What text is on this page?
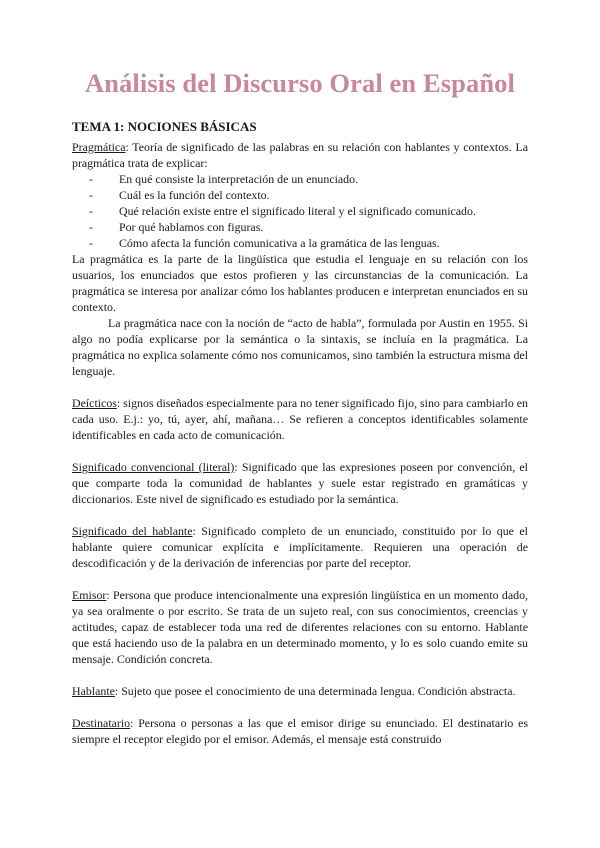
Análisis del Discurso Oral en Español
TEMA 1: NOCIONES BÁSICAS

Pragmática: Teoría de significado de las palabras en su relación con hablantes y contextos. La pragmática trata de explicar:

- En qué consiste la interpretación de un enunciado.
- Cuál es la función del contexto.
- Qué relación existe entre el significado literal y el significado comunicado.
- Por qué hablamos con figuras.
- Cómo afecta la función comunicativa a la gramática de las lenguas.

La pragmática es la parte de la lingüística que estudia el lenguaje en su relación con los usuarios, los enunciados que estos profieren y las circunstancias de la comunicación. La pragmática se interesa por analizar cómo los hablantes producen e interpretan enunciados en su contexto.

La pragmática nace con la noción de “acto de habla”, formulada por Austin en 1955. Si algo no podía explicarse por la semántica o la sintaxis, se incluía en la pragmática. La pragmática no explica solamente cómo nos comunicamos, sino también la estructura misma del lenguaje.

Deícticos: signos diseñados especialmente para no tener significado fijo, sino para cambiarlo en cada uso. E.j.: yo, tú, ayer, ahí, mañana… Se refieren a conceptos identificables solamente identificables en cada acto de comunicación.

Significado convencional (literal): Significado que las expresiones poseen por convención, el que comparte toda la comunidad de hablantes y suele estar registrado en gramáticas y diccionarios. Este nivel de significado es estudiado por la semántica.

Significado del hablante: Significado completo de un enunciado, constituido por lo que el hablante quiere comunicar explícita e implícitamente. Requieren una operación de descodificación y de la derivación de inferencias por parte del receptor.

Emisor: Persona que produce intencionalmente una expresión lingüística en un momento dado, ya sea oralmente o por escrito. Se trata de un sujeto real, con sus conocimientos, creencias y actitudes, capaz de establecer toda una red de diferentes relaciones con su entorno. Hablante que está haciendo uso de la palabra en un determinado momento, y lo es solo cuando emite su mensaje. Condición concreta.

Hablante: Sujeto que posee el conocimiento de una determinada lengua. Condición abstracta.

Destinatario: Persona o personas a las que el emisor dirige su enunciado. El destinatario es siempre el receptor elegido por el emisor. Además, el mensaje está construido
